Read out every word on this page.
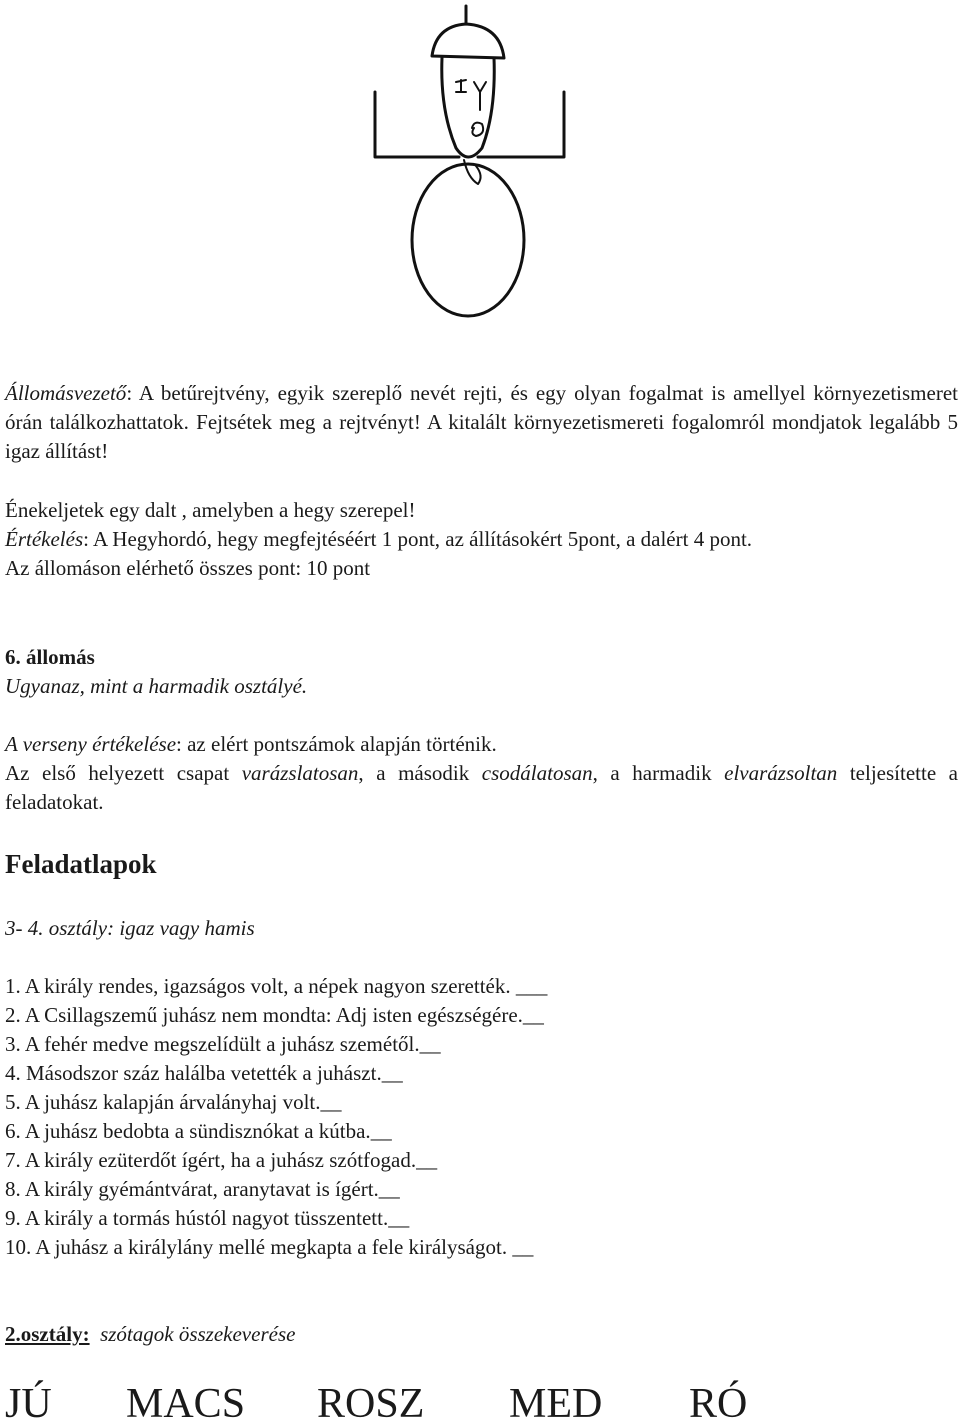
Állomásvezető: A betűrejtvény, egyik szereplő nevét rejti, és egy olyan fogalmat is amellyel környezetismeret órán találkozhattatok. Fejtsétek meg a rejtvényt! A kitalált környezetismereti fogalomról mondjatok legalább 5 igaz állítást!
Énekeljetek egy dalt , amelyben a hegy szerepel!
Értékelés: A Hegyhordó, hegy megfejtéséért 1 pont, az állításokért 5pont, a dalért 4 pont.
Az állomáson elérhető összes pont: 10 pont
6. állomás
Ugyanaz, mint a harmadik osztályé.
A verseny értékelése: az elért pontszámok alapján történik.
Az első helyezett csapat varázslatosan, a második csodálatosan, a harmadik elvarázsoltan teljesítette a feladatokat.
Feladatlapok
3- 4. osztály: igaz vagy hamis
1. A király rendes, igazságos volt, a népek nagyon szerették. ___
2. A Csillagszemű juhász nem mondta: Adj isten egészségére.__
3. A fehér medve megszelídült a juhász szemétől.__
4. Másodszor száz halálba vetették a juhászt.__
5. A juhász kalapján árvalányhaj volt.__
6. A juhász bedobta a sündisznókat a kútba.__
7. A király ezüterdőt ígért, ha a juhász szótfogad.__
8. A király gyémántvárat, aranytavat is ígért.__
9. A király a tormás hústól nagyot tüsszentett.__
10. A juhász a királylány mellé megkapta a fele királyságot. __
2.osztály: szótagok összekeverése
JÚ MACS ROSZ MED RÓ
